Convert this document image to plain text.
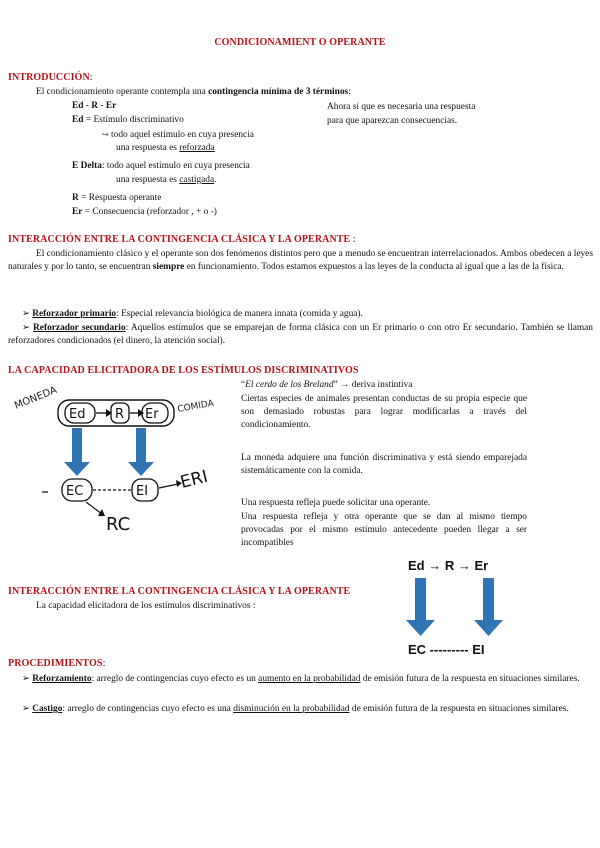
CONDICIONAMIENT O OPERANTE
INTRODUCCIÓN:
El condicionamiento operante contempla una contingencia mínima de 3 términos:
Ed - R - Er
Ed = Estímulo discriminativo
↪ todo aquel estímulo en cuya presencia
una respuesta es reforzada
E Delta: todo aquel estímulo en cuya presencia
una respuesta es castigada.
R = Respuesta operante
Er = Consecuencia (reforzador , + o -)
Ahora sí que es necesaria una respuesta
para que aparezcan consecuencias.
INTERACCIÓN ENTRE LA CONTINGENCIA CLÁSICA Y LA OPERANTE :
El condicionamiento clásico y el operante son dos fenómenos distintos pero que a menudo se encuentran interrelacionados. Ambos obedecen a leyes naturales y por lo tanto, se encuentran siempre en funcionamiento. Todos estamos expuestos a las leyes de la conducta al igual que a las de la física.
➢ Reforzador primario: Especial relevancia biológica de manera innata (comida y agua).
➢ Reforzador secundario: Aquellos estímulos que se emparejan de forma clásica con un Er primario o con otro Er secundario. También se llaman reforzadores condicionados (el dinero, la atención social).
LA CAPACIDAD ELICITADORA DE LOS ESTÍMULOS DISCRIMINATIVOS
“El cerdo de los Breland” → deriva instintiva
Ciertas especies de animales presentan conductas de su propia especie que son demasiado robustas para lograr modificarlas a través del condicionamiento.
La moneda adquiere una función discriminativa y está siendo emparejada sistemáticamente con la comida.
Una respuesta refleja puede solicitar una operante.
Una respuesta refleja y otra operante que se dan al mismo tiempo provocadas por el mismo estímulo antecedente pueden llegar a ser incompatibles
MONEDA
Ed R Er COMIDA
EC	EI ERI
RC
Ed → R → Er
EC --------- EI
INTERACCIÓN ENTRE LA CONTINGENCIA CLÁSICA Y LA OPERANTE
La capacidad elicitadora de los estímulos discriminativos :
PROCEDIMIENTOS:
➢ Reforzamiento: arreglo de contingencias cuyo efecto es un aumento en la probabilidad de emisión futura de la respuesta en situaciones similares.
➢ Castigo: arreglo de contingencias cuyo efecto es una disminución en la probabilidad de emisión futura de la respuesta en situaciones similares.
